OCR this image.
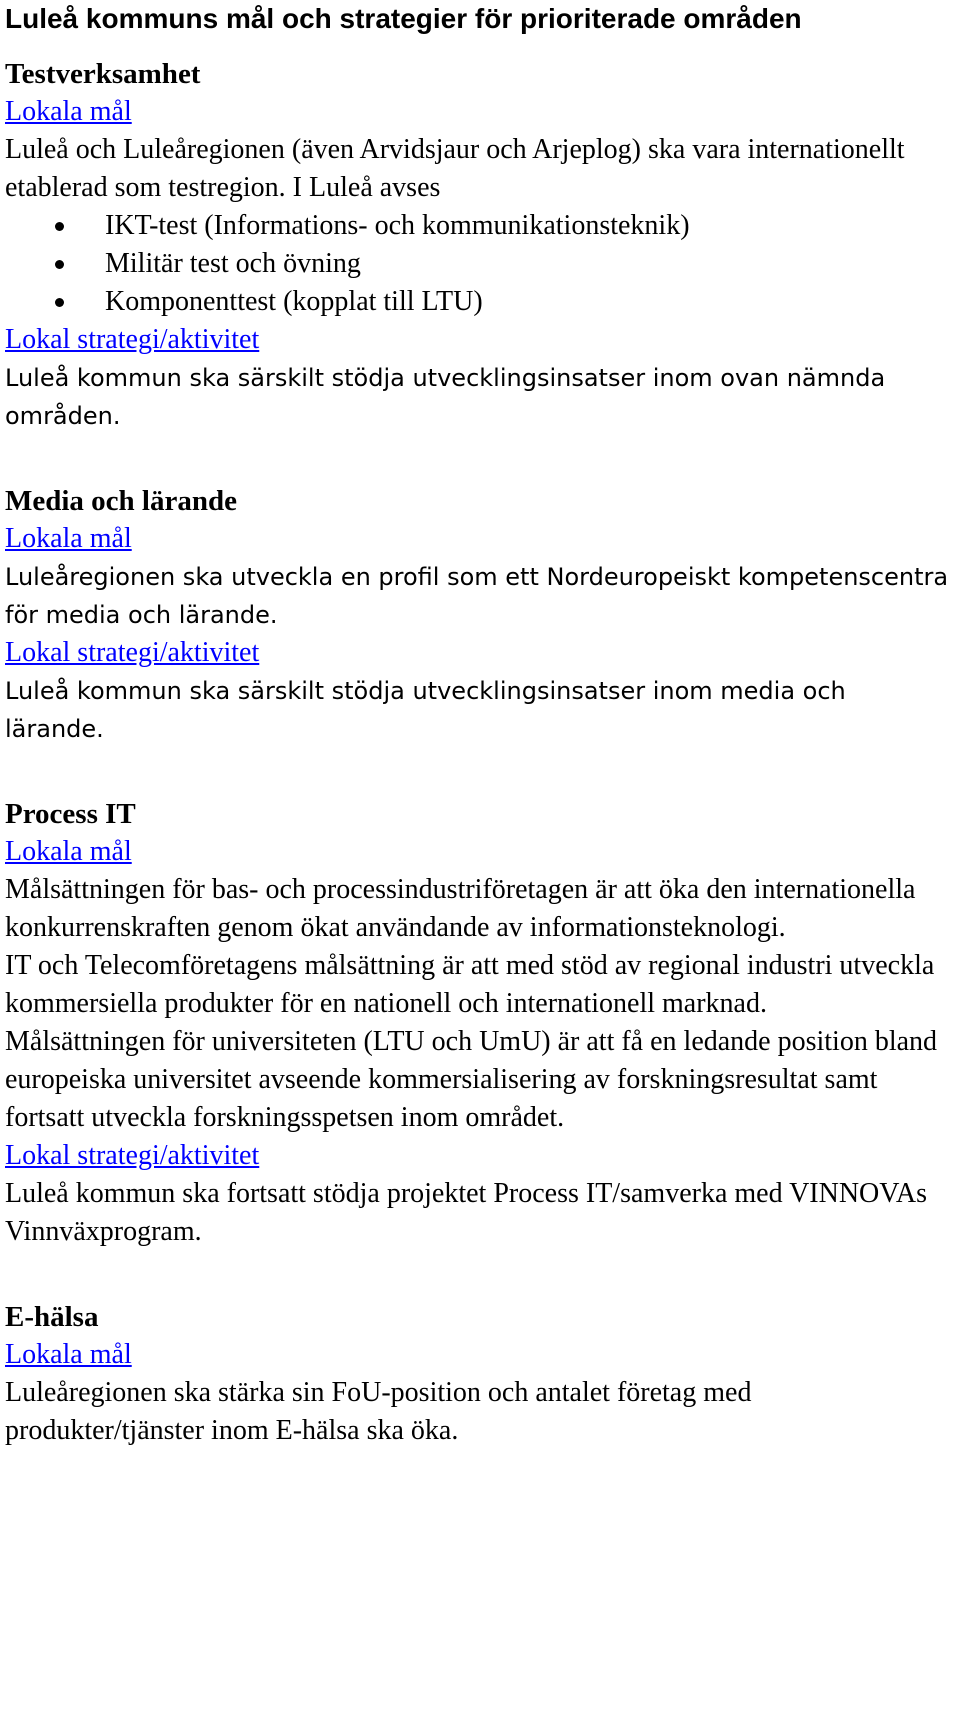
Luleå kommuns mål och strategier för prioriterade områden
Testverksamhet

Lokala mål

Luleå och Luleåregionen (även Arvidsjaur och Arjeplog) ska vara internationellt etablerad som testregion. I Luleå avses

IKT-test (Informations- och kommunikationsteknik)
Militär test och övning
Komponenttest (kopplat till LTU)

Lokal strategi/aktivitet

Luleå kommun ska särskilt stödja utvecklingsinsatser inom ovan nämnda områden.

Media och lärande

Lokala mål

Luleåregionen ska utveckla en profil som ett Nordeuropeiskt kompetenscentra för media och lärande.

Lokal strategi/aktivitet

Luleå kommun ska särskilt stödja utvecklingsinsatser inom media och lärande.

Process IT

Lokala mål

Målsättningen för bas- och processindustriföretagen är att öka den internationella konkurrenskraften genom ökat användande av informationsteknologi.

IT och Telecomföretagens målsättning är att med stöd av regional industri utveckla kommersiella produkter för en nationell och internationell marknad.

Målsättningen för universiteten (LTU och UmU) är att få en ledande position bland europeiska universitet avseende kommersialisering av forskningsresultat samt fortsatt utveckla forskningsspetsen inom området.

Lokal strategi/aktivitet

Luleå kommun ska fortsatt stödja projektet Process IT/samverka med VINNOVAs Vinnväxprogram.

E-hälsa

Lokala mål

Luleåregionen ska stärka sin FoU-position och antalet företag med produkter/tjänster inom E-hälsa ska öka.
